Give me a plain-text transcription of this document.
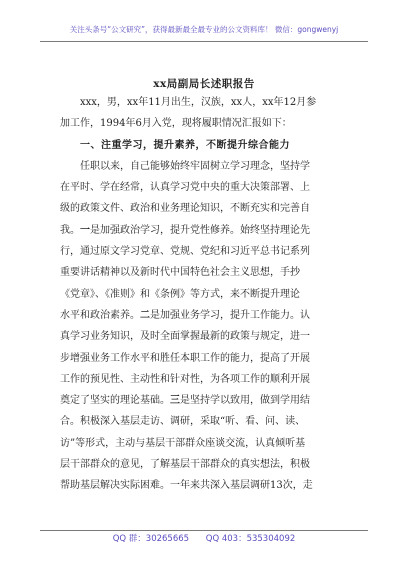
关注头条号“公文研究”，获得最新最全最专业的公文资料库！ 微信：gongwenyj
xx局副局长述职报告
xxx，男，xx年11月出生，汉族，xx人，xx年12月参
加工作，1994年6月入党，现将履职情况汇报如下：
一、注重学习，提升素养，不断提升综合能力
任职以来，自己能够始终牢固树立学习理念，坚持学
在平时、学在经常，认真学习党中央的重大决策部署、上
级的政策文件、政治和业务理论知识，不断充实和完善自
我。一是加强政治学习，提升党性修养。始终坚持理论先
行，通过原文学习党章、党规、党纪和习近平总书记系列
重要讲话精神以及新时代中国特色社会主义思想，手抄
《党章》、《准则》和《条例》等方式，来不断提升理论
水平和政治素养。二是加强业务学习，提升工作能力。认
真学习业务知识，及时全面掌握最新的政策与规定，进一
步增强业务工作水平和胜任本职工作的能力，提高了开展
工作的预见性、主动性和针对性，为各项工作的顺利开展
奠定了坚实的理论基础。三是坚持学以致用，做到学用结
合。积极深入基层走访、调研，采取“听、看、问、读、
访”等形式，主动与基层干部群众座谈交流，认真倾听基
层干部群众的意见，了解基层干部群众的真实想法，积极
帮助基层解决实际困难。一年来共深入基层调研13次，走
QQ 群：30265665 QQ 403：535304092
